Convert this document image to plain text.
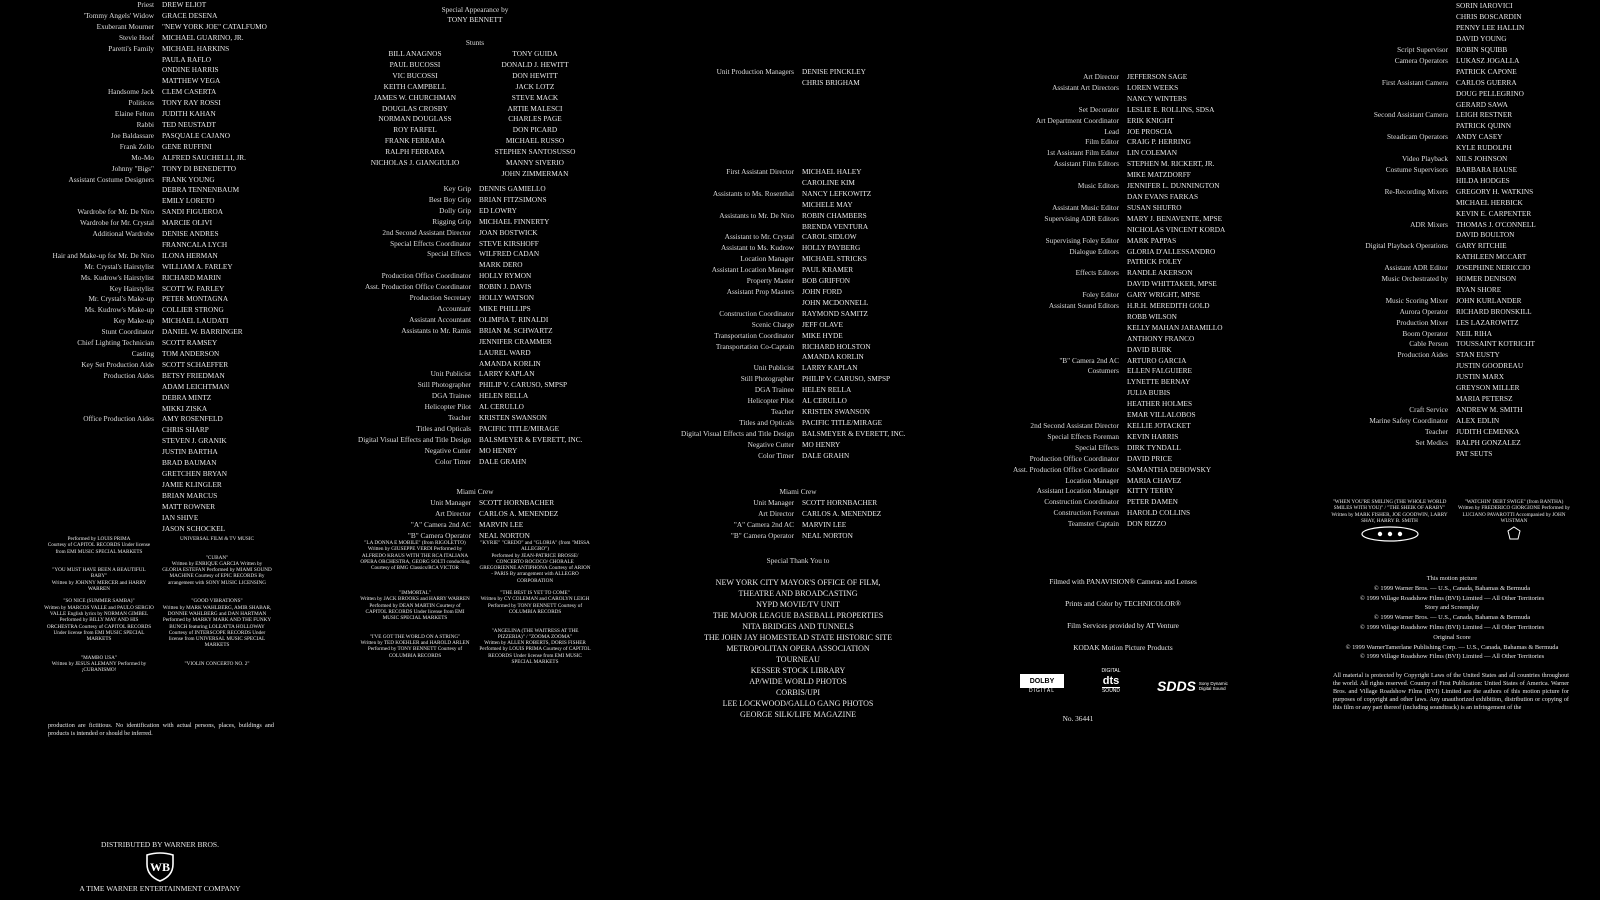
Priest	DREW ELIOT
'Tommy Angels' Widow	GRACE DESENA
Exuberant Mourner	"NEW YORK JOE" CATALFUMO
Stevie Hoof	MICHAEL GUARINO, JR.
Paretti's Family	MICHAEL HARKINS
PAULA RAFLO
ONDINE HARRIS
MATTHEW VEGA
Handsome Jack	CLEM CASERTA
Politicos	TONY RAY ROSSI
Elaine Felton	JUDITH KAHAN
Rabbi	TED NEUSTADT
Joe Baldassare	PASQUALE CAJANO
Frank Zello	GENE RUFFINI
Mo-Mo	ALFRED SAUCHELLI, JR.
Johnny "Bigs"	TONY DI BENEDETTO
Assistant Costume Designers	FRANK YOUNG
DEBRA TENNENBAUM
EMILY LORETO
Wardrobe for Mr. De Niro	SANDI FIGUEROA
Wardrobe for Mr. Crystal	MARCIE OLIVI
Additional Wardrobe	DENISE ANDRES
FRANNCALA LYCH
Hair and Make-up for Mr. De Niro	ILONA HERMAN
Mr. Crystal's Hairstylist	WILLIAM A. FARLEY
Ms. Kudrow's Hairstylist	RICHARD MARIN
Key Hairstylist	SCOTT W. FARLEY
Mr. Crystal's Make-up	PETER MONTAGNA
Ms. Kudrow's Make-up	COLLIER STRONG
Key Make-up	MICHAEL LAUDATI
Stunt Coordinator	DANIEL W. BARRINGER
Chief Lighting Technician	SCOTT RAMSEY
Casting	TOM ANDERSON
Key Set Production Aide	SCOTT SCHAEFFER
Production Aides	BETSY FRIEDMAN
ADAM LEICHTMAN
DEBRA MINTZ
MIKKI ZISKA
Office Production Aides	AMY ROSENFELD
CHRIS SHARP
STEVEN J. GRANIK
JUSTIN BARTHA
BRAD BAUMAN
GRETCHEN BRYAN
JAMIE KLINGLER
BRIAN MARCUS
MATT ROWNER
IAN SHIVE
JASON SCHOCKEL
Performed by LOUIS PRIMA
Courtesy of CAPITOL RECORDS Under license from EMI MUSIC SPECIAL MARKETS
UNIVERSAL FILM & TV MUSIC
"YOU MUST HAVE BEEN A BEAUTIFUL BABY"
Written by JOHNNY MERCER and HARRY WARREN
"CUBAN"
Written by ENRIQUE GARCIA Written by GLORIA ESTEFAN Performed by MIAMI SOUND MACHINE Courtesy of EPIC RECORDS By arrangement with SONY MUSIC LICENSING
"SO NICE (SUMMER SAMBA)"
Written by MARCOS VALLE and PAULO SERGIO VALLE English lyrics by NORMAN GIMBEL Performed by BILLY MAY AND HIS ORCHESTRA Courtesy of CAPITOL RECORDS Under license from EMI MUSIC SPECIAL MARKETS
"GOOD VIBRATIONS"
Written by MARK WAHLBERG, AMIR SHABAR, DONNIE WAHLBERG and DAN HARTMAN Performed by MARKY MARK AND THE FUNKY BUNCH featuring LOLEATTA HOLLOWAY Courtesy of INTERSCOPE RECORDS Under license from UNIVERSAL MUSIC SPECIAL MARKETS
"MAMBO USA"
Written by JESUS ALEMANY Performed by ¡CUBANISMO!
"VIOLIN CONCERTO NO. 2"
production are fictitious. No identification with actual persons, places, buildings and products is intended or should be inferred.
DISTRIBUTED BY WARNER BROS.
WB
A TIME WARNER ENTERTAINMENT COMPANY
Special Appearance by
TONY BENNETT
Stunts
BILL ANAGNOS	TONY GUIDA
PAUL BUCOSSI	DONALD J. HEWITT
VIC BUCOSSI	DON HEWITT
KEITH CAMPBELL	JACK LOTZ
JAMES W. CHURCHMAN	STEVE MACK
DOUGLAS CROSBY	ARTIE MALESCI
NORMAN DOUGLASS	CHARLES PAGE
ROY FARFEL	DON PICARD
FRANK FERRARA	MICHAEL RUSSO
RALPH FERRARA	STEPHEN SANTOSUSSO
NICHOLAS J. GIANGIULIO	MANNY SIVERIO
JOHN ZIMMERMAN
Key Grip	DENNIS GAMIELLO
Best Boy Grip	BRIAN FITZSIMONS
Dolly Grip	ED LOWRY
Rigging Grip	MICHAEL FINNERTY
2nd Second Assistant Director	JOAN BOSTWICK
Special Effects Coordinator	STEVE KIRSHOFF
Special Effects	WILFRED CADAN
MARK DERO
Production Office Coordinator	HOLLY RYMON
Asst. Production Office Coordinator	ROBIN J. DAVIS
Production Secretary	HOLLY WATSON
Accountant	MIKE PHILLIPS
Assistant Accountant	OLIMPIA T. RINALDI
Assistants to Mr. Ramis	BRIAN M. SCHWARTZ
JENNIFER CRAMMER
LAUREL WARD
AMANDA KORLIN
Unit Publicist	LARRY KAPLAN
Still Photographer	PHILIP V. CARUSO, SMPSP
DGA Trainee	HELEN RELLA
Helicopter Pilot	AL CERULLO
Teacher	KRISTEN SWANSON
Titles and Opticals	PACIFIC TITLE/MIRAGE
Digital Visual Effects and Title Design	BALSMEYER & EVERETT, INC.
Negative Cutter	MO HENRY
Color Timer	DALE GRAHN
Miami Crew
Unit Manager	SCOTT HORNBACHER
Art Director	CARLOS A. MENENDEZ
"A" Camera 2nd AC	MARVIN LEE
"B" Camera Operator	NEAL NORTON
"LA DONNA È MOBILE" (from RIGOLETTO)
Written by GIUSEPPE VERDI Performed by ALFREDO KRAUS WITH THE RCA ITALIANA OPERA ORCHESTRA, GEORG SOLTI conducting Courtesy of BMG Classics/RCA VICTOR
"KYRIE" "CREDO" and "GLORIA" (from "MISSA ALLEGRO")
Performed by JEAN-PATRICE BROSSE/ CONCERTO ROCOCO/ CHORALE GREGORIENNE ANTIPHONA Courtesy of ARION - PARIS By arrangement with ALLEGRO CORPORATION
"IMMORTAL"
Written by JACK BROOKS and HARRY WARREN Performed by DEAN MARTIN Courtesy of CAPITOL RECORDS Under license from EMI MUSIC SPECIAL MARKETS
"THE BEST IS YET TO COME"
Written by CY COLEMAN and CAROLYN LEIGH Performed by TONY BENNETT Courtesy of COLUMBIA RECORDS
"I'VE GOT THE WORLD ON A STRING"
Written by TED KOEHLER and HAROLD ARLEN Performed by TONY BENNETT Courtesy of COLUMBIA RECORDS
"ANGELINA (THE WAITRESS AT THE PIZZERIA)" / "ZOOMA ZOOMA"
Written by ALLEN ROBERTS, DORIS FISHER Performed by LOUIS PRIMA Courtesy of CAPITOL RECORDS Under license from EMI MUSIC SPECIAL MARKETS
Unit Production Managers	DENISE PINCKLEY
CHRIS BRIGHAM
First Assistant Director	MICHAEL HALEY
CAROLINE KIM
Assistants to Ms. Rosenthal	NANCY LEFKOWITZ
MICHELE MAY
Assistants to Mr. De Niro	ROBIN CHAMBERS
BRENDA VENTURA
Assistant to Mr. Crystal	CAROL SIDLOW
Assistant to Ms. Kudrow	HOLLY PAYBERG
Location Manager	MICHAEL STRICKS
Assistant Location Manager	PAUL KRAMER
Property Master	BOB GRIFFON
Assistant Prop Masters	JOHN FORD
JOHN MCDONNELL
Construction Coordinator	RAYMOND SAMITZ
Scenic Charge	JEFF OLAVE
Transportation Coordinator	MIKE HYDE
Transportation Co-Captain	RICHARD HOLSTON
AMANDA KORLIN
Unit Publicist	LARRY KAPLAN
Still Photographer	PHILIP V. CARUSO, SMPSP
DGA Trainee	HELEN RELLA
Helicopter Pilot	AL CERULLO
Teacher	KRISTEN SWANSON
Titles and Opticals	PACIFIC TITLE/MIRAGE
Digital Visual Effects and Title Design	BALSMEYER & EVERETT, INC.
Negative Cutter	MO HENRY
Color Timer	DALE GRAHN
Miami Crew
Unit Manager	SCOTT HORNBACHER
Art Director	CARLOS A. MENENDEZ
"A" Camera 2nd AC	MARVIN LEE
"B" Camera Operator	NEAL NORTON
Special Thank You to
NEW YORK CITY MAYOR'S OFFICE OF FILM,
THEATRE AND BROADCASTING
NYPD MOVIE/TV UNIT
THE MAJOR LEAGUE BASEBALL PROPERTIES
NITA BRIDGES AND TUNNELS
THE JOHN JAY HOMESTEAD STATE HISTORIC SITE
METROPOLITAN OPERA ASSOCIATION
TOURNEAU
KESSER STOCK LIBRARY
AP/WIDE WORLD PHOTOS
CORBIS/UPI
LEE LOCKWOOD/GALLO GANG PHOTOS
GEORGE SILK/LIFE MAGAZINE
Art Director	JEFFERSON SAGE
Assistant Art Directors	LOREN WEEKS
NANCY WINTERS
Set Decorator	LESLIE E. ROLLINS, SDSA
Art Department Coordinator	ERIK KNIGHT
Lead	JOE PROSCIA
Film Editor	CRAIG P. HERRING
1st Assistant Film Editor	LIN COLEMAN
Assistant Film Editors	STEPHEN M. RICKERT, JR.
MIKE MATZDORFF
Music Editors	JENNIFER L. DUNNINGTON
DAN EVANS FARKAS
Assistant Music Editor	SUSAN SHUFRO
Supervising ADR Editors	MARY J. BENAVENTE, MPSE
NICHOLAS VINCENT KORDA
Supervising Foley Editor	MARK PAPPAS
Dialogue Editors	GLORIA D'ALLESSANDRO
PATRICK FOLEY
Effects Editors	RANDLE AKERSON
DAVID WHITTAKER, MPSE
Foley Editor	GARY WRIGHT, MPSE
Assistant Sound Editors	H.R.H. MEREDITH GOLD
ROBB WILSON
KELLY MAHAN JARAMILLO
ANTHONY FRANCO
DAVID BURK
"B" Camera 2nd AC	ARTURO GARCIA
Costumers	ELLEN FALGUIERE
LYNETTE BERNAY
JULIA BUBIS
HEATHER HOLMES
EMAR VILLALOBOS
2nd Second Assistant Director	KELLIE JOTACKET
Special Effects Foreman	KEVIN HARRIS
Special Effects	DIRK TYNDALL
Production Office Coordinator	DAVID PRICE
Asst. Production Office Coordinator	SAMANTHA DEBOWSKY
Location Manager	MARIA CHAVEZ
Assistant Location Manager	KITTY TERRY
Construction Coordinator	PETER DAMEN
Construction Foreman	HAROLD COLLINS
Teamster Captain	DON RIZZO
Filmed with PANAVISION® Cameras and Lenses
Prints and Color by TECHNICOLOR®
Film Services provided by AT Venture
KODAK Motion Picture Products
DOLBY
DIGITAL
DIGITAL
dts
SOUND	SDDS Sony Dynamic Digital Sound
No. 36441
SORIN IAROVICI
CHRIS BOSCARDIN
PENNY LEE HALLIN
DAVID YOUNG
Script Supervisor	ROBIN SQUIBB
Camera Operators	LUKASZ JOGALLA
PATRICK CAPONE
First Assistant Camera	CARLOS GUERRA
DOUG PELLEGRINO
GERARD SAWA
Second Assistant Camera	LEIGH RESTNER
PATRICK QUINN
Steadicam Operators	ANDY CASEY
KYLE RUDOLPH
Video Playback	NILS JOHNSON
Costume Supervisors	BARBARA HAUSE
HILDA HODGES
Re-Recording Mixers	GREGORY H. WATKINS
MICHAEL HERBICK
KEVIN E. CARPENTER
ADR Mixers	THOMAS J. O'CONNELL
DAVID BOULTON
Digital Playback Operations	GARY RITCHIE
KATHLEEN MCCART
Assistant ADR Editor	JOSEPHINE NERICCIO
Music Orchestrated by	HOMER DENISON
RYAN SHORE
Music Scoring Mixer	JOHN KURLANDER
Aurora Operator	RICHARD BRONSKILL
Production Mixer	LES LAZAROWITZ
Boom Operator	NEIL RIHA
Cable Person	TOUSSAINT KOTRICHT
Production Aides	STAN EUSTY
JUSTIN GOODREAU
JUSTIN MARX
GREYSON MILLER
MARIA PETERSZ
Craft Service	ANDREW M. SMITH
Marine Safety Coordinator	ALEX EDLIN
Teacher	JUDITH CEMENKA
Set Medics	RALPH GONZALEZ
PAT SEUTS
"WHEN YOU'RE SMILING (THE WHOLE WORLD SMILES WITH YOU)" / "THE SHEIK OF ARABY"
Written by MARK FISHER, JOE GOODWIN, LARRY SHAY, HARRY B. SMITH
"WATCHIN' DEBT SWIGE" (from BANTHA)
Written by FREDERICO GIORGIONE Performed by LUCIANO PAVAROTTI Accompanied by JOHN WUSTMAN
This motion picture
© 1999 Warner Bros. — U.S., Canada, Bahamas & Bermuda
© 1999 Village Roadshow Films (BVI) Limited — All Other Territories
Story and Screenplay
© 1999 Warner Bros. — U.S., Canada, Bahamas & Bermuda
© 1999 Village Roadshow Films (BVI) Limited — All Other Territories
Original Score
© 1999 WarnerTamerlane Publishing Corp. — U.S., Canada, Bahamas & Bermuda
© 1999 Village Roadshow Films (BVI) Limited — All Other Territories
All material is protected by Copyright Laws of the United States and all countries throughout the world. All rights reserved. Country of First Publication: United States of America. Warner Bros. and Village Roadshow Films (BVI) Limited are the authors of this motion picture for purposes of copyright and other laws. Any unauthorized exhibition, distribution or copying of this film or any part thereof (including soundtrack) is an infringement of the
